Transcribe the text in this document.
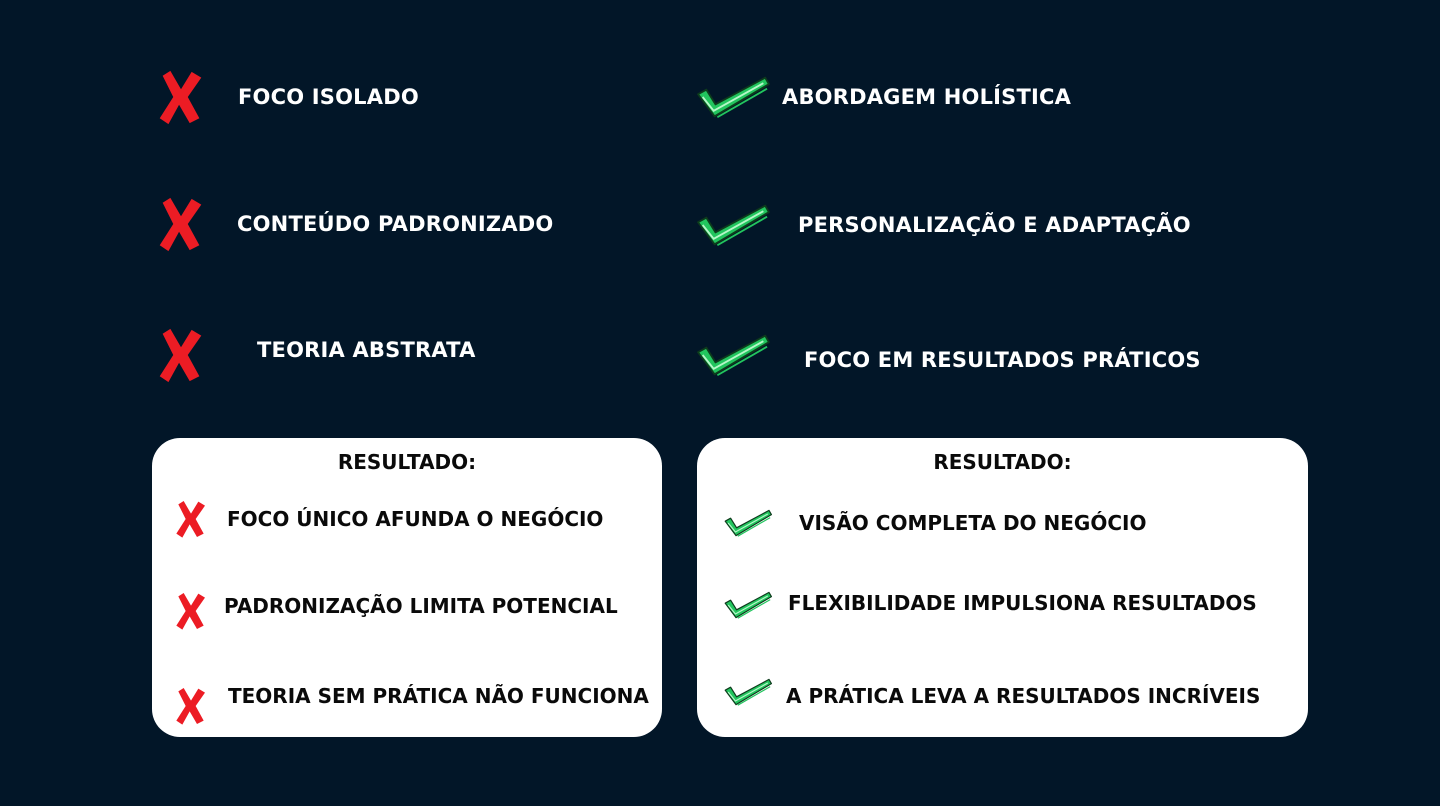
FOCO ISOLADO
CONTEÚDO PADRONIZADO
TEORIA ABSTRATA
ABORDAGEM HOLÍSTICA
PERSONALIZAÇÃO E ADAPTAÇÃO
FOCO EM RESULTADOS PRÁTICOS
RESULTADO:
FOCO ÚNICO AFUNDA O NEGÓCIO
PADRONIZAÇÃO LIMITA POTENCIAL
TEORIA SEM PRÁTICA NÃO FUNCIONA
RESULTADO:
VISÃO COMPLETA DO NEGÓCIO
FLEXIBILIDADE IMPULSIONA RESULTADOS
A PRÁTICA LEVA A RESULTADOS INCRÍVEIS
